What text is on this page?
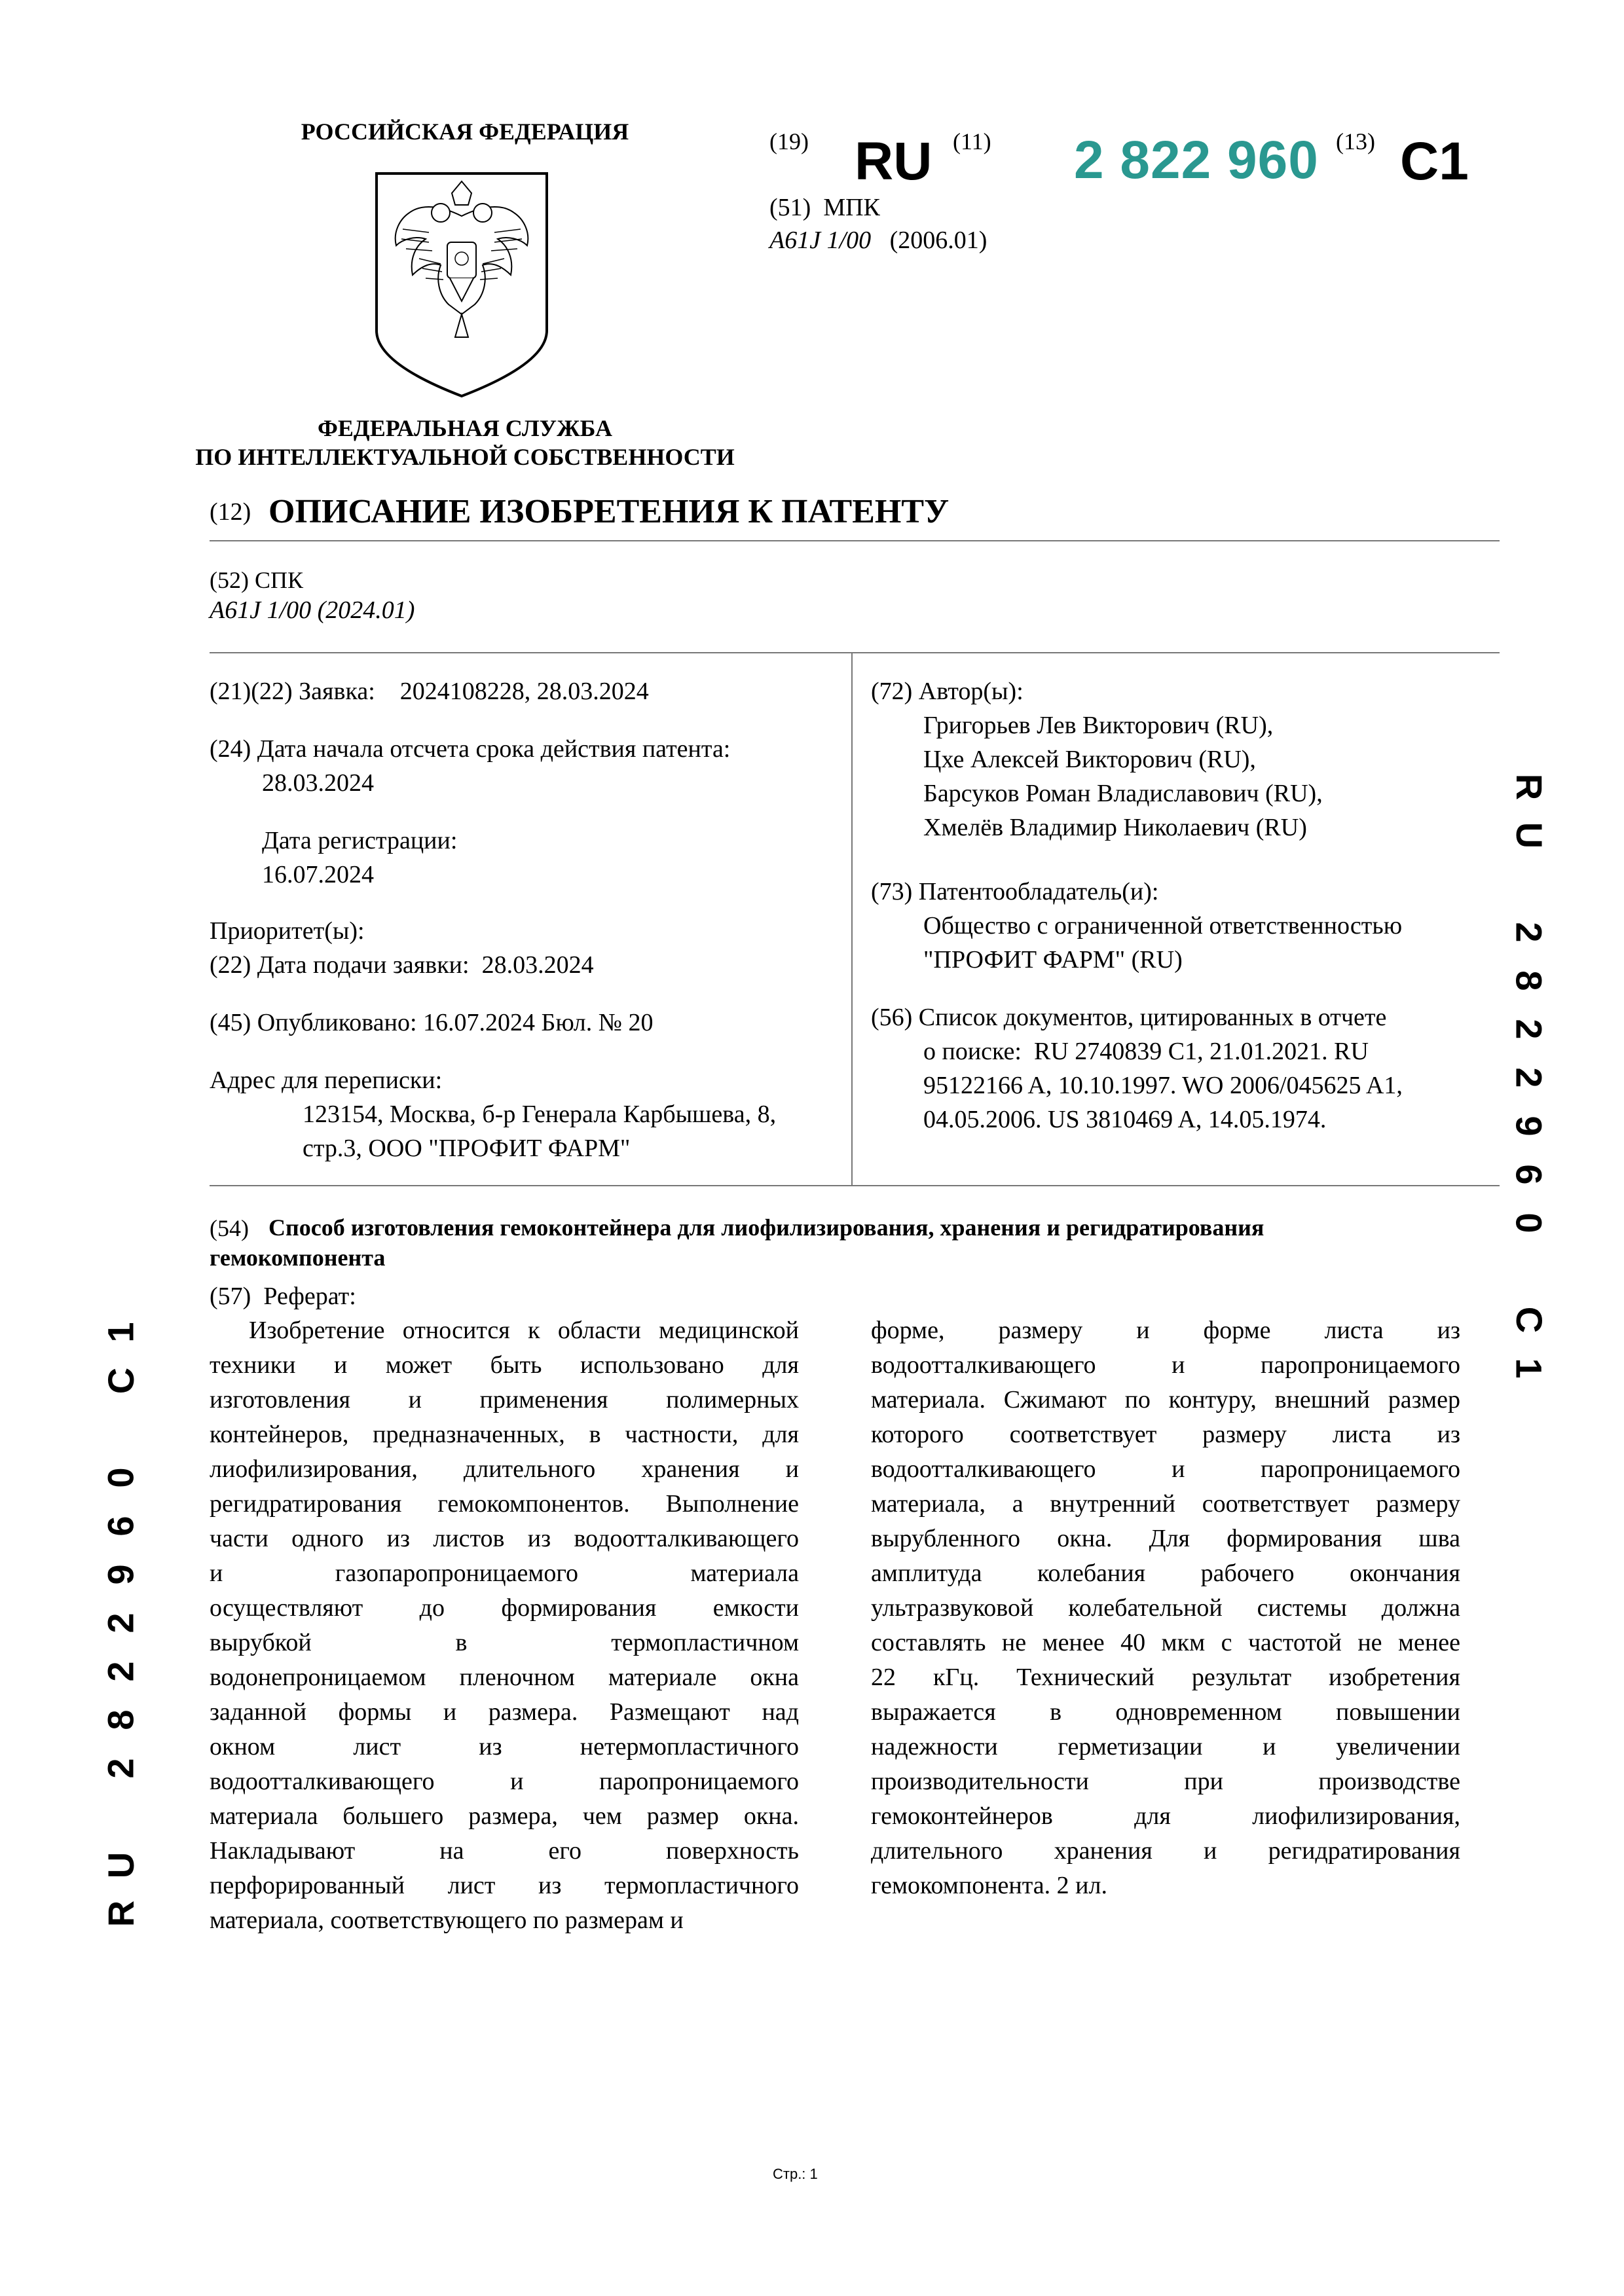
РОССИЙСКАЯ ФЕДЕРАЦИЯ
ФЕДЕРАЛЬНАЯ СЛУЖБА
ПО ИНТЕЛЛЕКТУАЛЬНОЙ СОБСТВЕННОСТИ
(19) RU (11) 2 822 960 (13) C1
(51) МПК
A61J 1/00 (2006.01)
(12) ОПИСАНИЕ ИЗОБРЕТЕНИЯ К ПАТЕНТУ
(52) СПК
A61J 1/00 (2024.01)
(21)(22) Заявка: 2024108228, 28.03.2024
(24) Дата начала отсчета срока действия патента:
28.03.2024
Дата регистрации:
16.07.2024
Приоритет(ы):
(22) Дата подачи заявки: 28.03.2024
(45) Опубликовано: 16.07.2024 Бюл. № 20
Адрес для переписки:
123154, Москва, б-р Генерала Карбышева, 8,
стр.3, ООО "ПРОФИТ ФАРМ"
(72) Автор(ы):
Григорьев Лев Викторович (RU),
Цхе Алексей Викторович (RU),
Барсуков Роман Владиславович (RU),
Хмелёв Владимир Николаевич (RU)
(73) Патентообладатель(и):
Общество с ограниченной ответственностью
"ПРОФИТ ФАРМ" (RU)
(56) Список документов, цитированных в отчете
о поиске: RU 2740839 C1, 21.01.2021. RU
95122166 A, 10.10.1997. WO 2006/045625 A1,
04.05.2006. US 3810469 A, 14.05.1974.
(54) Способ изготовления гемоконтейнера для лиофилизирования, хранения и регидратирования
гемокомпонента
(57) Реферат:
Изобретение относится к области медицинской
техники и может быть использовано для
изготовления и применения полимерных
контейнеров, предназначенных, в частности, для
лиофилизирования, длительного хранения и
регидратирования гемокомпонентов. Выполнение
части одного из листов из водоотталкивающего
и газопаропроницаемого материала
осуществляют до формирования емкости
вырубкой в термопластичном
водонепроницаемом пленочном материале окна
заданной формы и размера. Размещают над
окном лист из нетермопластичного
водоотталкивающего и паропроницаемого
материала большего размера, чем размер окна.
Накладывают на его поверхность
перфорированный лист из термопластичного
материала, соответствующего по размерам и
форме, размеру и форме листа из
водоотталкивающего и паропроницаемого
материала. Сжимают по контуру, внешний размер
которого соответствует размеру листа из
водоотталкивающего и паропроницаемого
материала, а внутренний соответствует размеру
вырубленного окна. Для формирования шва
амплитуда колебания рабочего окончания
ультразвуковой колебательной системы должна
составлять не менее 40 мкм с частотой не менее
22 кГц. Технический результат изобретения
выражается в одновременном повышении
надежности герметизации и увеличении
производительности при производстве
гемоконтейнеров для лиофилизирования,
длительного хранения и регидратирования
гемокомпонента. 2 ил.
R
U

2
8
2
2
9
6
0

C
1
R
U

2
8
2
2
9
6
0

C
1
Стр.: 1
